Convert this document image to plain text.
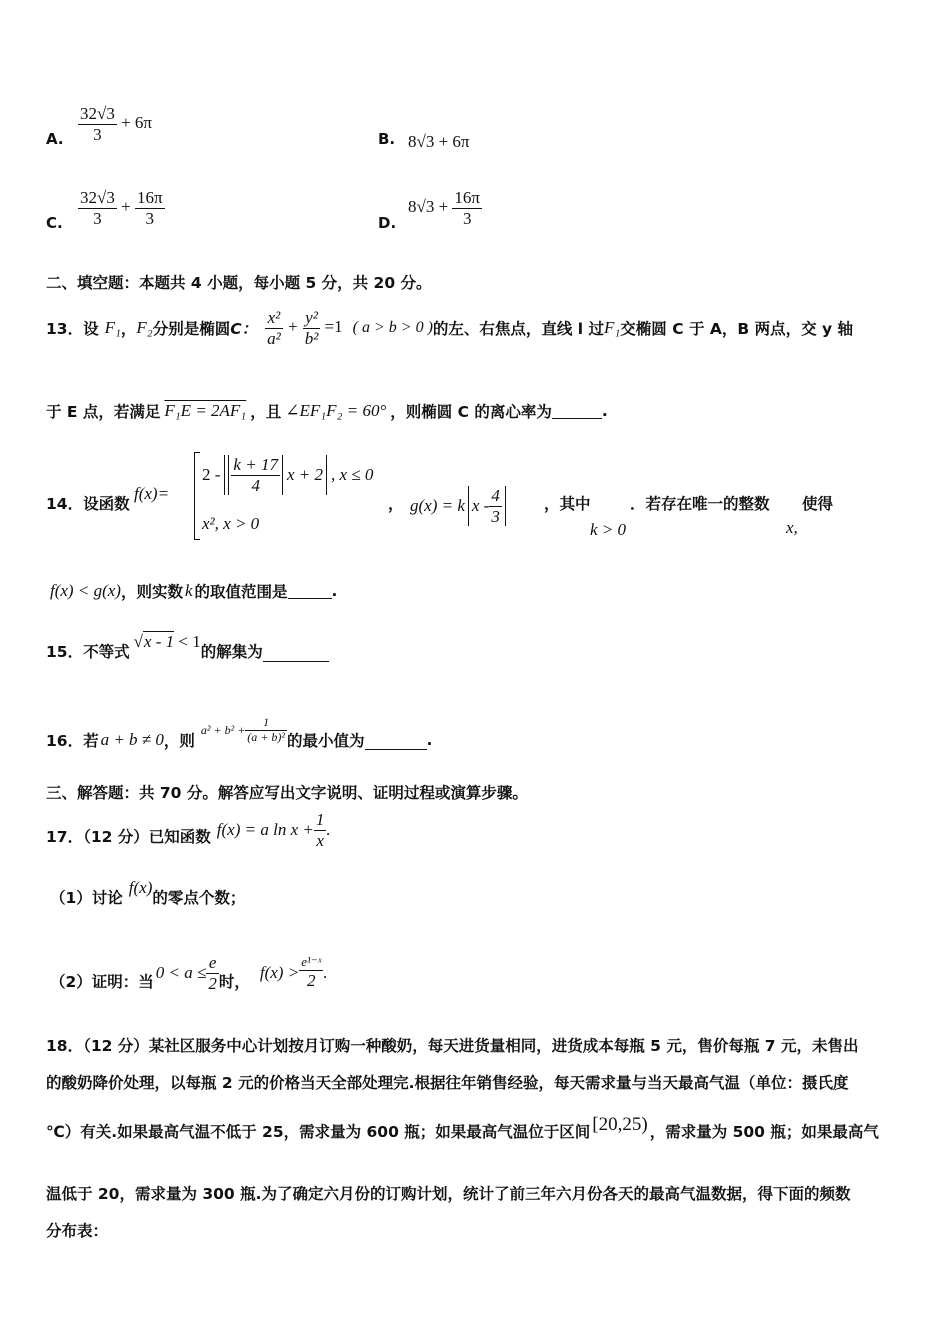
A. $\frac{32√3}{3} + 6\pi$
B. 8√3 + 6π
C. $\frac{32√3}{3} + \frac{16\pi}{3}$	D.
$8√3 + \frac{16\pi}{3}$
二、填空题：本题共 4 小题，每小题 5 分，共 20 分。
13．设 F₁ ， F₂ 分别是椭圆 C： $\frac{\text{x²}}{\text{a²}} + \frac{\text{y²}}{\text{b²}} =1$ ( a > b > 0 ) 的左、右焦点，直线 l 过 F₁ 交椭圆 C 于 A，B 两点，交 y 轴
于 E 点，若满足 F₁E = 2AF₁ ，且 ∠EF₁F₂ = 60° ，则椭圆 C 的离心率为	.
14．设函数
f(x)=
$2 - \frac{k + 17}{4}$ x + 2 , x ≤ 0
x², x > 0
， g(x) = k x - $\frac{4}{3}$	，其中
k > 0
．若存在唯一的整数
x,
使得
f(x) < g(x) ，则实数 k 的取值范围是	.
15．不等式
√x - 1 < 1
的解集为
16．若 a + b ≠ 0 ，则
$a^2 + b^2 + \frac{1}{\text{(a + b)²}}$ 的最小值为	.
三、解答题：共 70 分。解答应写出文字说明、证明过程或演算步骤。
17．（12 分）已知函数 f(x) = a $\ln x + \frac{1}{x}$ .
（1）讨论
f(x)
的零点个数；
（2）证明：当 $0 < a \le \frac{e}{2}$ 时，
$f(x) > \frac{\text{e¹⁻ˣ}}{2}$ .
18．（12 分）某社区服务中心计划按月订购一种酸奶，每天进货量相同，进货成本每瓶 5 元，售价每瓶 7 元，未售出
的酸奶降价处理，以每瓶 2 元的价格当天全部处理完.根据往年销售经验，每天需求量与当天最高气温（单位：摄氏度
℃）有关.如果最高气温不低于 25，需求量为 600 瓶；如果最高气温位于区间 [20,25) ，需求量为 500 瓶；如果最高气
温低于 20，需求量为 300 瓶.为了确定六月份的订购计划，统计了前三年六月份各天的最高气温数据，得下面的频数
分布表：
